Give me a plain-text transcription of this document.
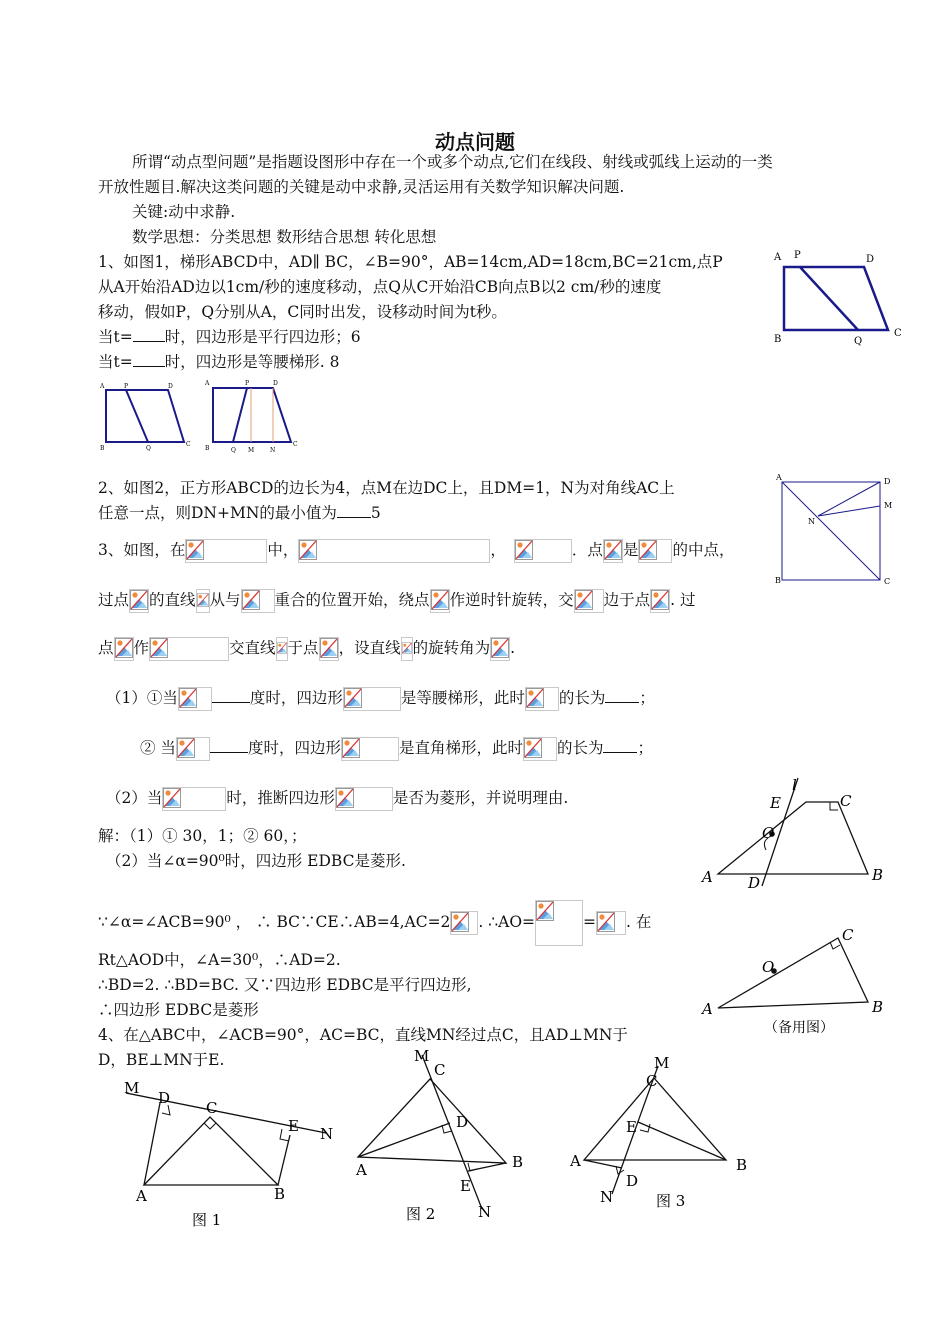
动点问题
所谓“动点型问题”是指题设图形中存在一个或多个动点,它们在线段、射线或弧线上运动的一类
开放性题目.解决这类问题的关键是动中求静,灵活运用有关数学知识解决问题.
关键:动中求静.
数学思想：分类思想 数形结合思想 转化思想
1、如图1，梯形ABCD中，AD∥ BC，∠B=90°，AB=14cm,AD=18cm,BC=21cm,点P
从A开始沿AD边以1cm/秒的速度移动，点Q从C开始沿CB向点B以2 cm/秒的速度
移动，假如P，Q分别从A，C同时出发，设移动时间为t秒。
当t= 时，四边形是平行四边形；6
当t= 时，四边形是等腰梯形. 8
A P	D
B	Q
C
A	P	D
B	Q
C
A	P	D
B	Q M	N
C
2、如图2，正方形ABCD的边长为4，点M在边DC上，且DM=1，N为对角线AC上
任意一点，则DN+MN的最小值为 5
A	D
M
N
B	C
3、如图，在	中，	，	．点 是 的中点，
过点 的直线 从与 重合的位置开始，绕点 作逆时针旋转，交 边于点 . 过
点 作	交直线 于点 ，设直线 的旋转角为 .
（1）①当	度时，四边形	是等腰梯形，此时 的长为 ；
② 当	度时，四边形	是直角梯形，此时 的长为 ；
（2）当	时，推断四边形	是否为菱形，并说明理由.
l
E	C
O
A D	B
解：（1）① 30，1；② 60，；
（2）当∠α=90⁰时，四边形 EDBC是菱形.
∵∠α=∠ACB=90⁰ ， ∴ BC∵CE∴AB=4,AC=2 . ∴AO=	= . 在
Rt△AOD中，∠A=30⁰，∴AD=2.
∴BD=2. ∴BD=BC. 又∵四边形 EDBC是平行四边形,
∴四边形 EDBC是菱形
C
O
A	B
（备用图）
4、在△ABC中，∠ACB=90°，AC=BC，直线MN经过点C，且AD⊥MN于
D，BE⊥MN于E.
M
D
C
E N
A	B
图 1
M
C
D
A	B
E
N
图 2
M
C
E
A	B
N
D
图 3
